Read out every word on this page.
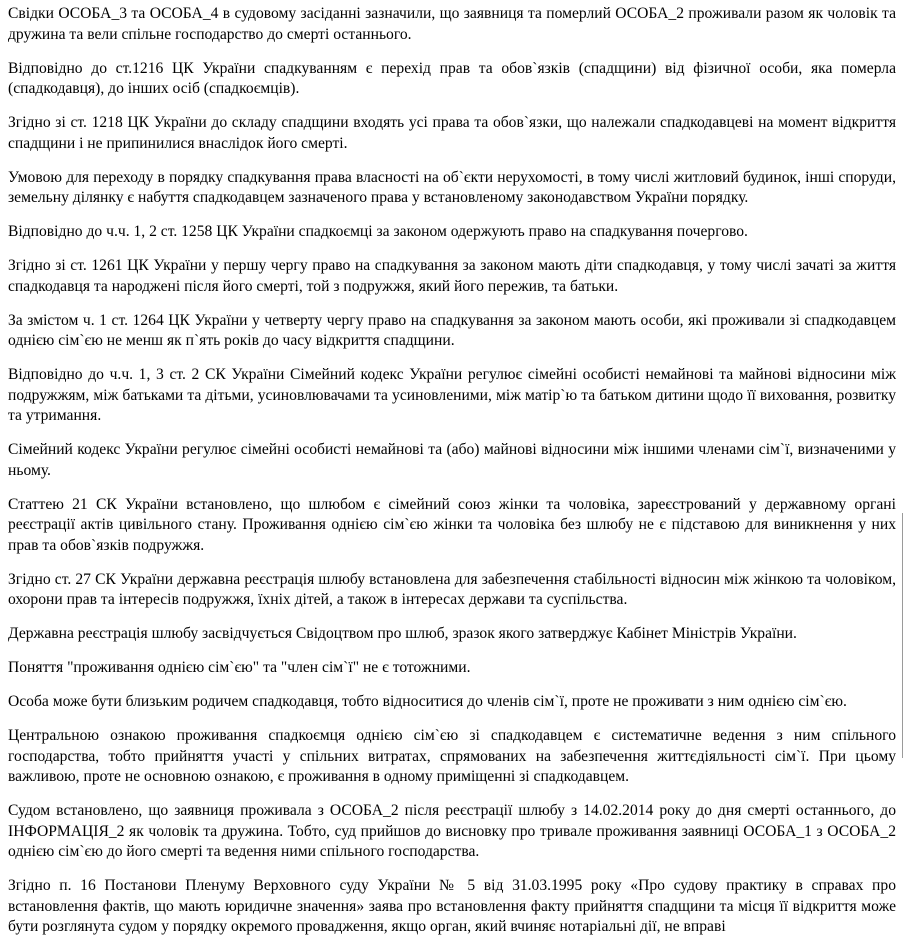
Свідки ОСОБА_3 та ОСОБА_4 в судовому засіданні зазначили, що заявниця та померлий ОСОБА_2 проживали разом як чоловік та дружина та вели спільне господарство до смерті останнього.

Відповідно до ст.1216 ЦК України спадкуванням є перехід прав та обов`язків (спадщини) від фізичної особи, яка померла (спадкодавця), до інших осіб (спадкоємців).

Згідно зі ст. 1218 ЦК України до складу спадщини входять усі права та обов`язки, що належали спадкодавцеві на момент відкриття спадщини і не припинилися внаслідок його смерті.

Умовою для переходу в порядку спадкування права власності на об`єкти нерухомості, в тому числі житловий будинок, інші споруди, земельну ділянку є набуття спадкодавцем зазначеного права у встановленому законодавством України порядку.

Відповідно до ч.ч. 1, 2 ст. 1258 ЦК України спадкоємці за законом одержують право на спадкування почергово.

Згідно зі ст. 1261 ЦК України у першу чергу право на спадкування за законом мають діти спадкодавця, у тому числі зачаті за життя спадкодавця та народжені після його смерті, той з подружжя, який його пережив, та батьки.

За змістом ч. 1 ст. 1264 ЦК України у четверту чергу право на спадкування за законом мають особи, які проживали зі спадкодавцем однією сім`єю не менш як п`ять років до часу відкриття спадщини.

Відповідно до ч.ч. 1, 3 ст. 2 СК України Сімейний кодекс України регулює сімейні особисті немайнові та майнові відносини між подружжям, між батьками та дітьми, усиновлювачами та усиновленими, між матір`ю та батьком дитини щодо її виховання, розвитку та утримання.

Сімейний кодекс України регулює сімейні особисті немайнові та (або) майнові відносини між іншими членами сім`ї, визначеними у ньому.

Статтею 21 СК України встановлено, що шлюбом є сімейний союз жінки та чоловіка, зареєстрований у державному органі реєстрації актів цивільного стану. Проживання однією сім`єю жінки та чоловіка без шлюбу не є підставою для виникнення у них прав та обов`язків подружжя.

Згідно ст. 27 СК України державна реєстрація шлюбу встановлена для забезпечення стабільності відносин між жінкою та чоловіком, охорони прав та інтересів подружжя, їхніх дітей, а також в інтересах держави та суспільства.

Державна реєстрація шлюбу засвідчується Свідоцтвом про шлюб, зразок якого затверджує Кабінет Міністрів України.

Поняття "проживання однією сім`єю" та "член сім`ї" не є тотожними.

Особа може бути близьким родичем спадкодавця, тобто відноситися до членів сім`ї, проте не проживати з ним однією сім`єю.

Центральною ознакою проживання спадкоємця однією сім`єю зі спадкодавцем є систематичне ведення з ним спільного господарства, тобто прийняття участі у спільних витратах, спрямованих на забезпечення життєдіяльності сім`ї. При цьому важливою, проте не основною ознакою, є проживання в одному приміщенні зі спадкодавцем.

Судом встановлено, що заявниця проживала з ОСОБА_2 після реєстрації шлюбу з 14.02.2014 року до дня смерті останнього, до ІНФОРМАЦІЯ_2 як чоловік та дружина. Тобто, суд прийшов до висновку про тривале проживання заявниці ОСОБА_1 з ОСОБА_2 однією сім`єю до його смерті та ведення ними спільного господарства.

Згідно п. 16 Постанови Пленуму Верховного суду України № 5 від 31.03.1995 року «Про судову практику в справах про встановлення фактів, що мають юридичне значення» заява про встановлення факту прийняття спадщини та місця її відкриття може бути розглянута судом у порядку окремого провадження, якщо орган, який вчиняє нотаріальні дії, не вправі
